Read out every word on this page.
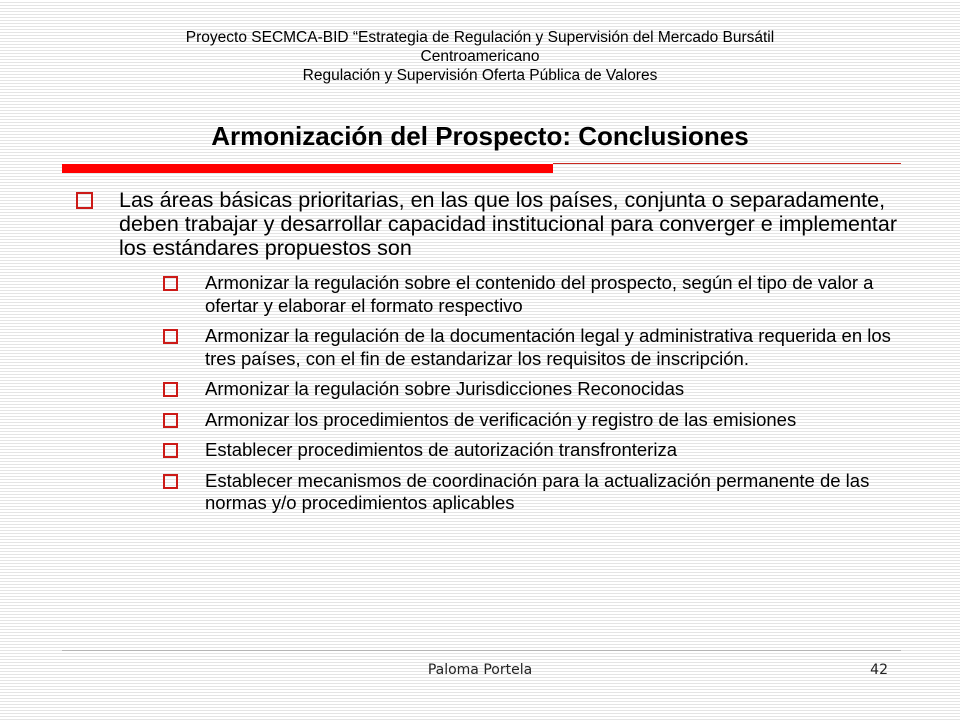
Proyecto SECMCA-BID “Estrategia de Regulación y Supervisión del Mercado Bursátil
Centroamericano
Regulación y Supervisión Oferta Pública de Valores
Armonización del Prospecto: Conclusiones
Las áreas básicas prioritarias, en las que los países, conjunta o separadamente, deben trabajar y desarrollar capacidad institucional para converger e implementar los estándares propuestos son
Armonizar la regulación sobre el contenido del prospecto, según el tipo de valor a ofertar y elaborar el formato respectivo
Armonizar la regulación de la documentación legal y administrativa requerida en los tres países, con el fin de estandarizar los requisitos de inscripción.
Armonizar la regulación sobre Jurisdicciones Reconocidas
Armonizar los procedimientos de verificación y registro de las emisiones
Establecer procedimientos de autorización transfronteriza
Establecer mecanismos de coordinación para la actualización permanente de las normas y/o procedimientos aplicables
Paloma Portela	42
